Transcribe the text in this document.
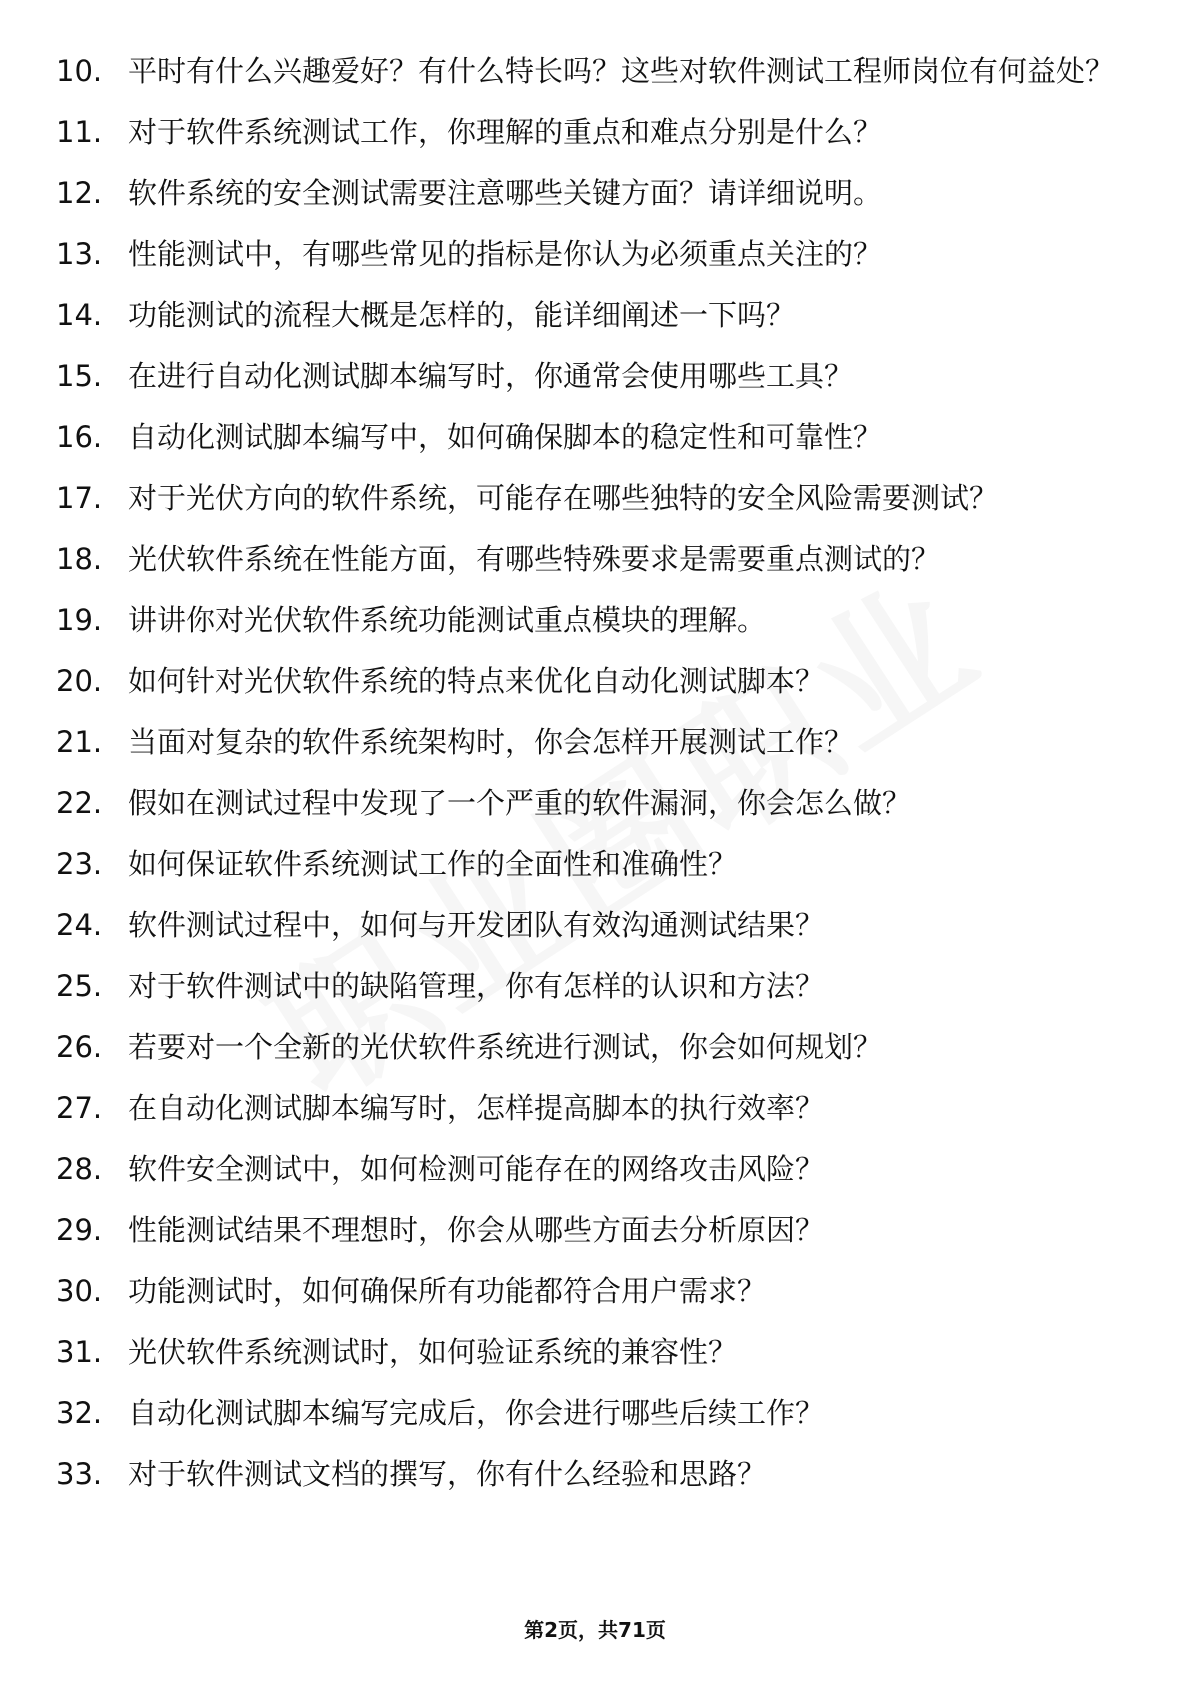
10. 平时有什么兴趣爱好？有什么特长吗？这些对软件测试工程师岗位有何益处？
11. 对于软件系统测试工作，你理解的重点和难点分别是什么？
12. 软件系统的安全测试需要注意哪些关键方面？请详细说明。
13. 性能测试中，有哪些常见的指标是你认为必须重点关注的？
14. 功能测试的流程大概是怎样的，能详细阐述一下吗？
15. 在进行自动化测试脚本编写时，你通常会使用哪些工具？
16. 自动化测试脚本编写中，如何确保脚本的稳定性和可靠性？
17. 对于光伏方向的软件系统，可能存在哪些独特的安全风险需要测试？
18. 光伏软件系统在性能方面，有哪些特殊要求是需要重点测试的？
19. 讲讲你对光伏软件系统功能测试重点模块的理解。
20. 如何针对光伏软件系统的特点来优化自动化测试脚本？
21. 当面对复杂的软件系统架构时，你会怎样开展测试工作？
22. 假如在测试过程中发现了一个严重的软件漏洞，你会怎么做？
23. 如何保证软件系统测试工作的全面性和准确性？
24. 软件测试过程中，如何与开发团队有效沟通测试结果？
25. 对于软件测试中的缺陷管理，你有怎样的认识和方法？
26. 若要对一个全新的光伏软件系统进行测试，你会如何规划？
27. 在自动化测试脚本编写时，怎样提高脚本的执行效率？
28. 软件安全测试中，如何检测可能存在的网络攻击风险？
29. 性能测试结果不理想时，你会从哪些方面去分析原因？
30. 功能测试时，如何确保所有功能都符合用户需求？
31. 光伏软件系统测试时，如何验证系统的兼容性？
32. 自动化测试脚本编写完成后，你会进行哪些后续工作？
33. 对于软件测试文档的撰写，你有什么经验和思路？
第2页，共71页
